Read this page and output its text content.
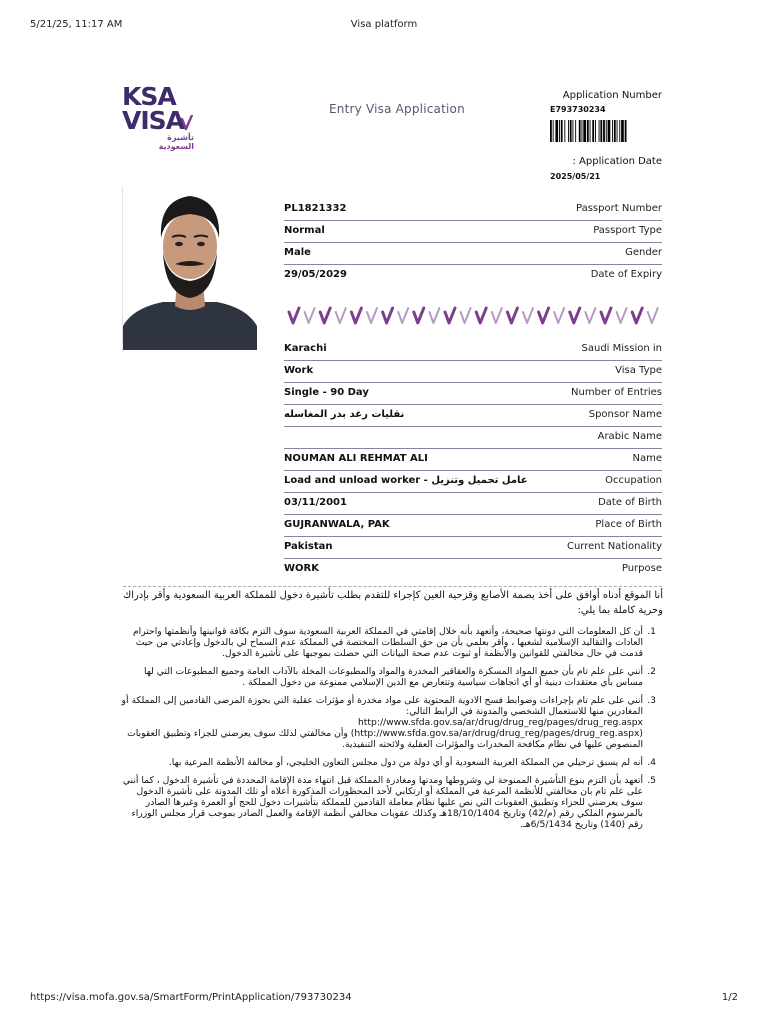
5/21/25, 11:17 AM	Visa platform
KSA
VISA
تأشيرة السعودية
Entry Visa Application
Application Number
E793730234
: Application Date
2025/05/21
PL1821332	Passport Number
Normal	Passport Type
Male	Gender
29/05/2029	Date of Expiry
Karachi	Saudi Mission in
Work	Visa Type
Single - 90 Day	Number of Entries
نقليات رغد بدر المغاسله	Sponsor Name
Arabic Name
NOUMAN ALI REHMAT ALI	Name
Load and unload worker - عامل تحميل وتنزيل	Occupation
03/11/2001	Date of Birth
GUJRANWALA, PAK	Place of Birth
Pakistan	Current Nationality
WORK	Purpose
أنا الموقع أدناه أوافق على أخذ بصمة الأصابع وقزحية العين كإجراء للتقدم بطلب تأشيرة دخول للمملكة العربية السعودية وأقر بإدراك وحرية كاملة بما يلي:
.1
أن كل المعلومات التي دونتها صحيحة، وأتعهد بأنه خلال إقامتي في المملكة العربية السعودية سوف التزم بكافة قوانينها وأنظمتها واحترام العادات والتقاليد الإسلامية لشعبها ، وأقر بعلمي بأن من حق السلطات المختصة في المملكة عدم السماح لي بالدخول وإعادتي من حيث قدمت في حال مخالفتي للقوانين والأنظمة أو ثبوت عدم صحة البيانات التي حصلت بموجبها على تأشيرة الدخول.
.2
أنني على علم تام بأن جميع المواد المسكرة والعقاقير المخدرة والمواد والمطبوعات المخلة بالآداب العامة وجميع المطبوعات التي لها مساس بأي معتقدات دينية أو أي اتجاهات سياسية وتتعارض مع الدين الإسلامي ممنوعة من دخول المملكة .
.3
أنني على علم تام بإجراءات وضوابط فسح الادوية المحتوية على مواد مخدرة أو مؤثرات عقلية التي بحوزة المرضى القادمين إلى المملكة أو المغادرين منها للاستعمال الشخصي والمدونة في الرابط التالي:
http://www.sfda.gov.sa/ar/drug/drug_reg/pages/drug_reg.aspx
(http://www.sfda.gov.sa/ar/drug/drug_reg/pages/drug_reg.aspx) وأن مخالفتي لذلك سوف يعرضني للجزاء وتطبيق العقوبات المنصوص عليها في نظام مكافحة المخدرات والمؤثرات العقلية ولائحته التنفيذية.
.4
أنه لم يسبق ترحيلي من المملكة العربية السعودية أو أي دولة من دول مجلس التعاون الخليجي، أو مخالفة الأنظمة المرعية بها.
.5
أتعهد بأن التزم بنوع التأشيرة الممنوحة لي وشروطها ومدتها ومغادرة المملكة قبل انتهاء مدة الإقامة المحددة في تأشيرة الدخول ، كما أنني على علم تام بان مخالفتي للأنظمة المرعية في المملكة أو ارتكابي لأحد المحظورات المذكورة أعلاه أو تلك المدونة على تأشيرة الدخول سوف يعرضني للجزاء وتطبيق العقوبات التي نص عليها نظام معاملة القادمين للمملكة بتأشيرات دخول للحج أو العمرة وغيرها الصادر بالمرسوم الملكي رقم (م/42) وتاريخ 18/10/1404هـ وكذلك عقوبات مخالفي أنظمة الإقامة والعمل الصادر بموجب قرار مجلس الوزراء رقم (140) وتاريخ 6/5/1434هـ.
https://visa.mofa.gov.sa/SmartForm/PrintApplication/793730234	1/2
